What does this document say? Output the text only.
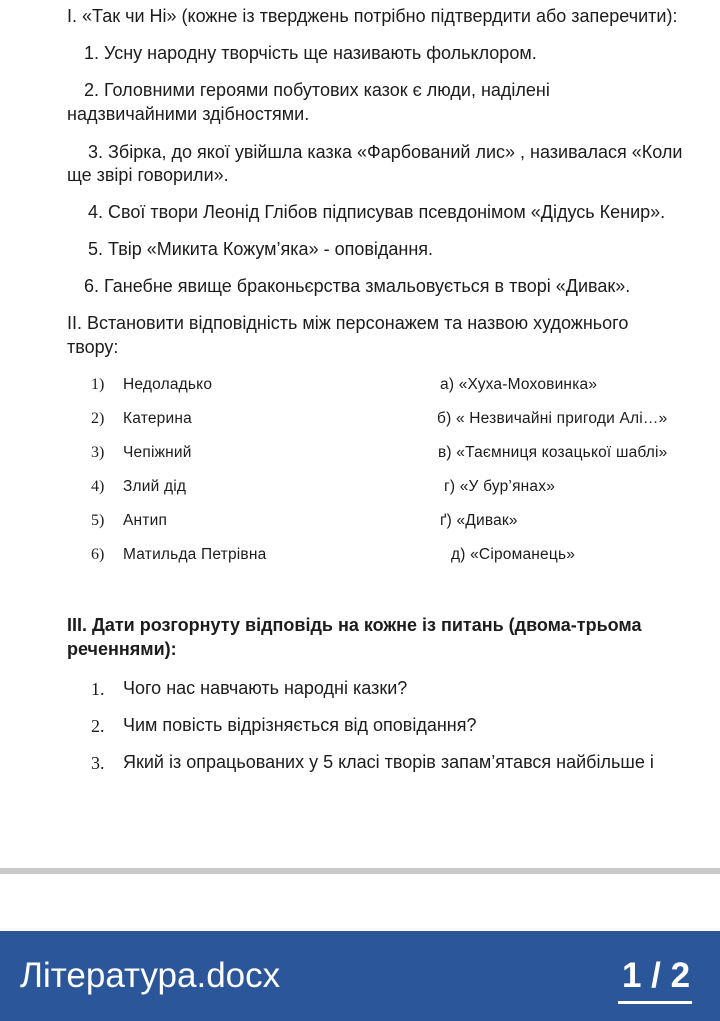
І. «Так чи Ні» (кожне із тверджень потрібно підтвердити або заперечити):
1. Усну народну творчість ще називають фольклором.
2. Головними героями побутових казок є люди, наділені
надзвичайними здібностями.
3. Збірка, до якої увійшла казка «Фарбований лис» , називалася «Коли
ще звірі говорили».
4. Свої твори Леонід Глібов підписував псевдонімом «Дідусь Кенир».
5. Твір «Микита Кожум’яка» - оповідання.
6. Ганебне явище браконьєрства змальовується в творі «Дивак».
ІІ. Встановити відповідність між персонажем та назвою художнього
твору:
1) Недоладько	а) «Хуха-Моховинка»
2) Катерина	б) « Незвичайні пригоди Алі…»
3) Чепіжний	в) «Таємниця козацької шаблі»
4) Злий дід	г) «У бур’янах»
5) Антип	ґ) «Дивак»
6) Матильда Петрівна	д) «Сіроманець»
ІІІ. Дати розгорнуту відповідь на кожне із питань (двома-трьома
реченнями):
1. Чого нас навчають народні казки?
2. Чим повість відрізняється від оповідання?
3. Який із опрацьованих у 5 класі творів запам’ятався найбільше і
Література.docx	1 / 2
